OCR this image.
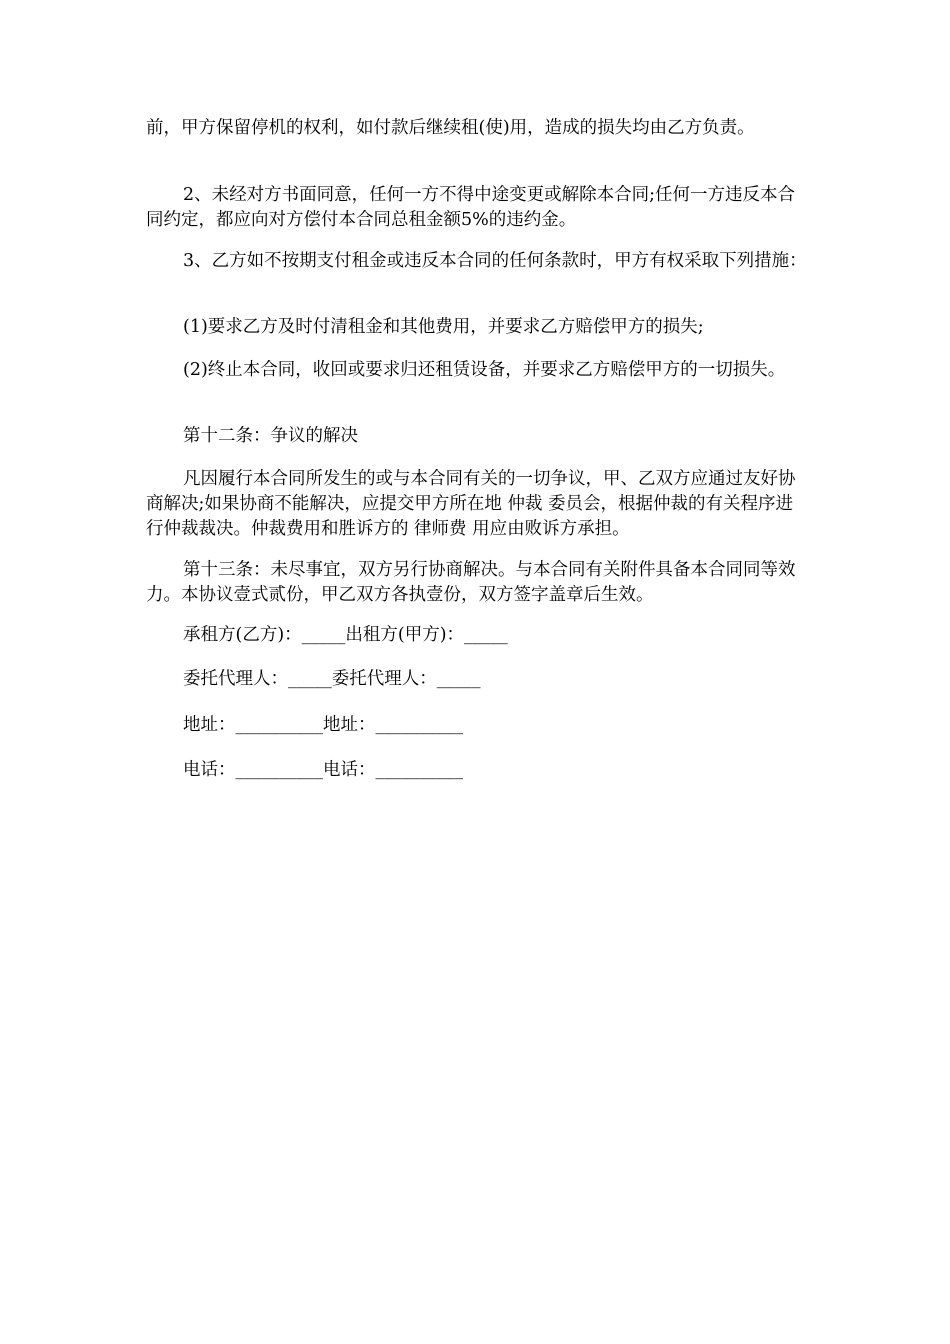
前，甲方保留停机的权利，如付款后继续租(使)用，造成的损失均由乙方负责。

2、未经对方书面同意，任何一方不得中途变更或解除本合同;任何一方违反本合同约定，都应向对方偿付本合同总租金额5%的违约金。

3、乙方如不按期支付租金或违反本合同的任何条款时，甲方有权采取下列措施：

(1)要求乙方及时付清租金和其他费用，并要求乙方赔偿甲方的损失;

(2)终止本合同，收回或要求归还租赁设备，并要求乙方赔偿甲方的一切损失。

第十二条：争议的解决

凡因履行本合同所发生的或与本合同有关的一切争议，甲、乙双方应通过友好协商解决;如果协商不能解决，应提交甲方所在地 仲裁 委员会，根据仲裁的有关程序进行仲裁裁决。仲裁费用和胜诉方的 律师费 用应由败诉方承担。

第十三条：未尽事宜，双方另行协商解决。与本合同有关附件具备本合同同等效力。本协议壹式贰份，甲乙双方各执壹份，双方签字盖章后生效。

承租方(乙方)：_____出租方(甲方)：_____

委托代理人：_____委托代理人：_____

地址：__________地址：__________

电话：__________电话：__________
